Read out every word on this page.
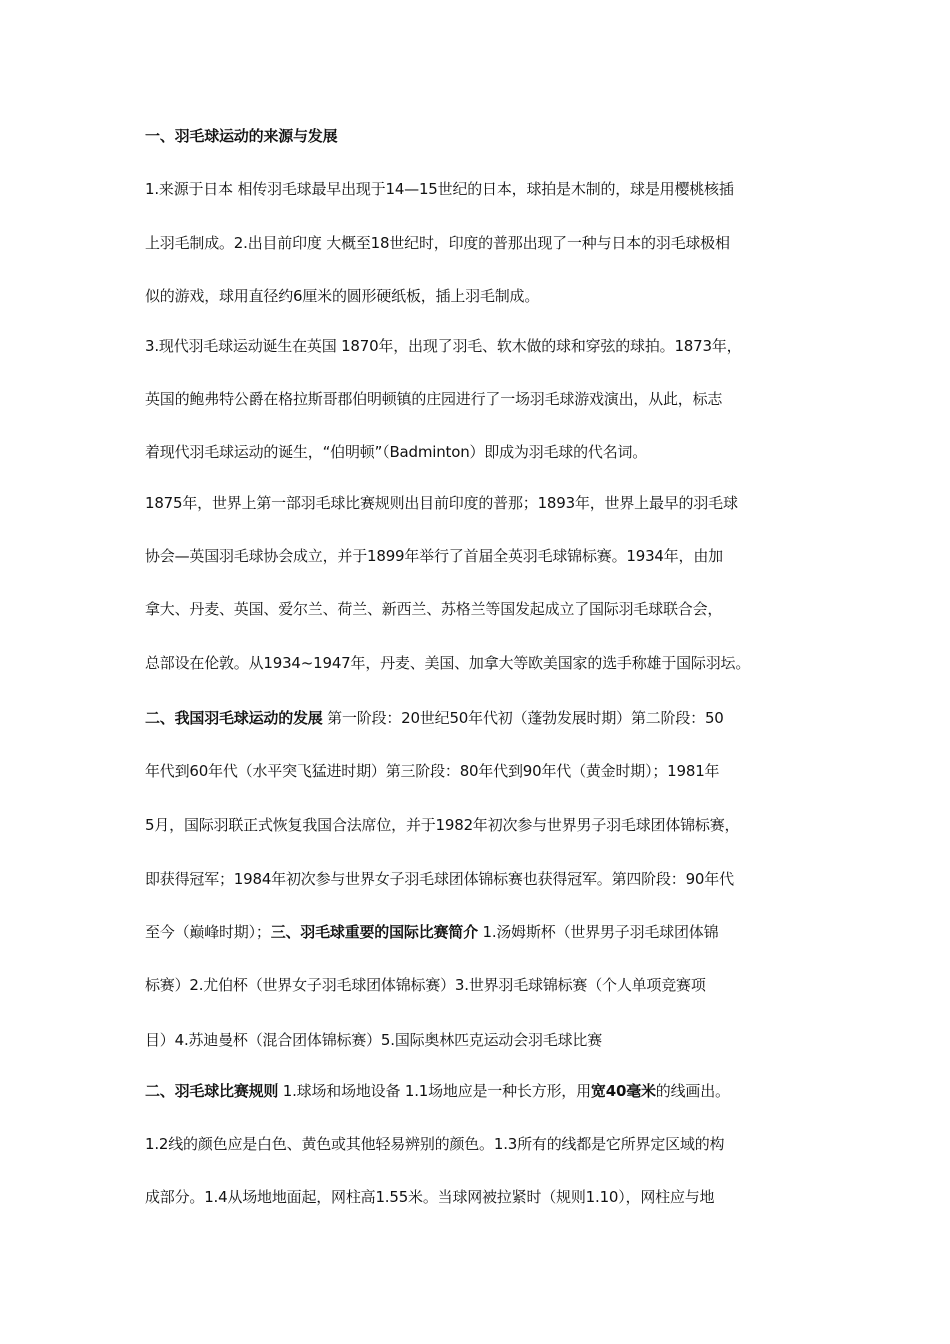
一、羽毛球运动的来源与发展
1.来源于日本 相传羽毛球最早出现于14—15世纪的日本，球拍是木制的，球是用樱桃核插
上羽毛制成。2.出目前印度 大概至18世纪时，印度的普那出现了一种与日本的羽毛球极相
似的游戏，球用直径约6厘米的圆形硬纸板，插上羽毛制成。
3.现代羽毛球运动诞生在英国 1870年，出现了羽毛、软木做的球和穿弦的球拍。1873年，
英国的鲍弗特公爵在格拉斯哥郡伯明顿镇的庄园进行了一场羽毛球游戏演出，从此，标志
着现代羽毛球运动的诞生，“伯明顿”（Badminton）即成为羽毛球的代名词。
1875年，世界上第一部羽毛球比赛规则出目前印度的普那；1893年，世界上最早的羽毛球
协会—英国羽毛球协会成立，并于1899年举行了首届全英羽毛球锦标赛。1934年，由加
拿大、丹麦、英国、爱尔兰、荷兰、新西兰、苏格兰等国发起成立了国际羽毛球联合会，
总部设在伦敦。从1934~1947年，丹麦、美国、加拿大等欧美国家的选手称雄于国际羽坛。
二、我国羽毛球运动的发展 第一阶段：20世纪50年代初（蓬勃发展时期）第二阶段：50
年代到60年代（水平突飞猛进时期）第三阶段：80年代到90年代（黄金时期）；1981年
5月，国际羽联正式恢复我国合法席位，并于1982年初次参与世界男子羽毛球团体锦标赛，
即获得冠军；1984年初次参与世界女子羽毛球团体锦标赛也获得冠军。第四阶段：90年代
至今（巅峰时期）；三、羽毛球重要的国际比赛简介 1.汤姆斯杯（世界男子羽毛球团体锦
标赛）2.尤伯杯（世界女子羽毛球团体锦标赛）3.世界羽毛球锦标赛（个人单项竞赛项
目）4.苏迪曼杯（混合团体锦标赛）5.国际奥林匹克运动会羽毛球比赛
二、羽毛球比赛规则 1.球场和场地设备 1.1场地应是一种长方形，用宽40毫米的线画出。
1.2线的颜色应是白色、黄色或其他轻易辨别的颜色。1.3所有的线都是它所界定区域的构
成部分。1.4从场地地面起，网柱高1.55米。当球网被拉紧时（规则1.10），网柱应与地
